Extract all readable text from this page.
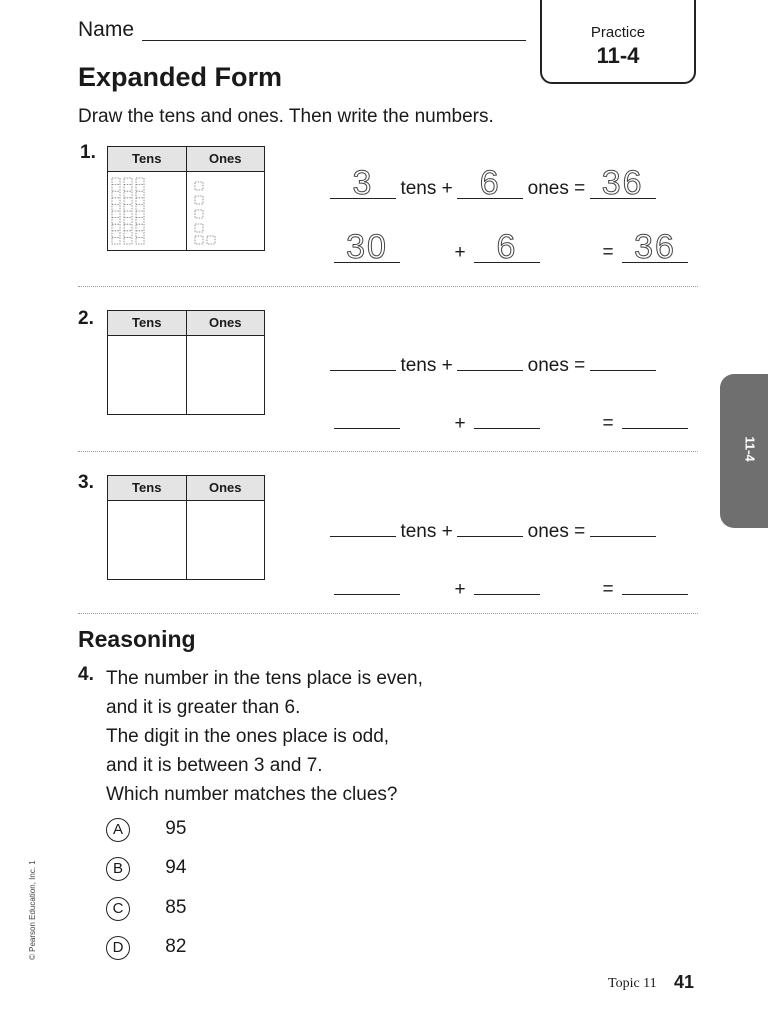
Name	Practice
11-4
Expanded Form
Draw the tens and ones. Then write the numbers.
1.	Tens	Ones
3 tens + 6 ones = 36
30	+ 6	= 36
2.	Tens	Ones
tens +	ones =
+	=
3.	Tens	Ones
tens +	ones =
+	=
Practice	11-4
Reasoning
4. The number in the tens place is even,
and it is greater than 6.
The digit in the ones place is odd,
and it is between 3 and 7.
Which number matches the clues?
A 95
B 94
C 85
D 82
© Pearson Education, Inc. 1
Topic 11 41
